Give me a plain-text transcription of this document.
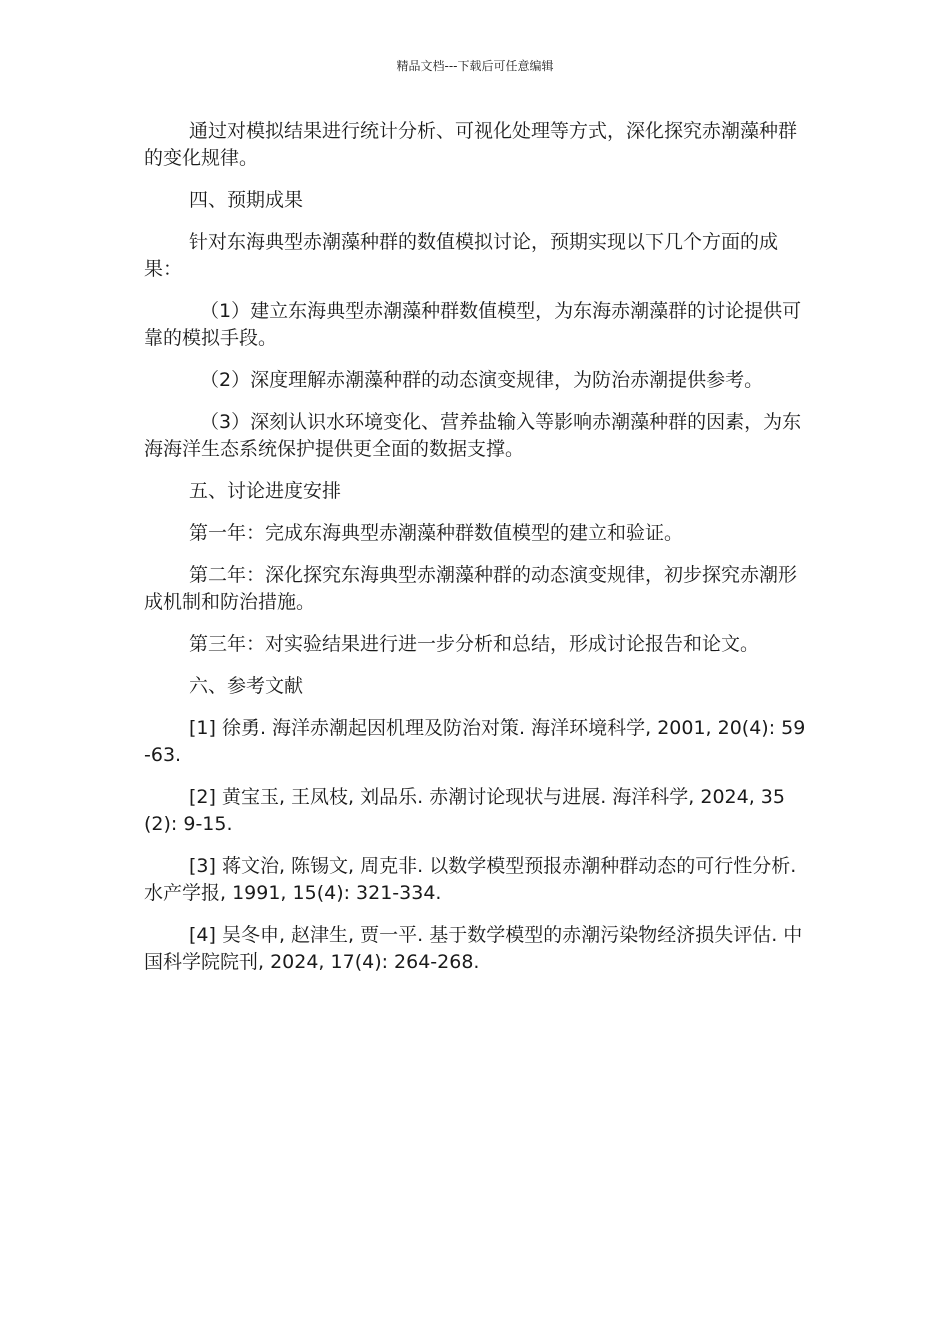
精品文档---下载后可任意编辑

通过对模拟结果进行统计分析、可视化处理等方式，深化探究赤潮藻种群的变化规律。

四、预期成果

针对东海典型赤潮藻种群的数值模拟讨论，预期实现以下几个方面的成果：

（1）建立东海典型赤潮藻种群数值模型，为东海赤潮藻群的讨论提供可靠的模拟手段。

（2）深度理解赤潮藻种群的动态演变规律，为防治赤潮提供参考。

（3）深刻认识水环境变化、营养盐输入等影响赤潮藻种群的因素，为东海海洋生态系统保护提供更全面的数据支撑。

五、讨论进度安排

第一年：完成东海典型赤潮藻种群数值模型的建立和验证。

第二年：深化探究东海典型赤潮藻种群的动态演变规律，初步探究赤潮形成机制和防治措施。

第三年：对实验结果进行进一步分析和总结，形成讨论报告和论文。

六、参考文献

[1] 徐勇. 海洋赤潮起因机理及防治对策. 海洋环境科学, 2001, 20(4): 59-63.

[2] 黄宝玉, 王凤枝, 刘品乐. 赤潮讨论现状与进展. 海洋科学, 2024, 35(2): 9-15.

[3] 蒋文治, 陈锡文, 周克非. 以数学模型预报赤潮种群动态的可行性分析. 水产学报, 1991, 15(4): 321-334.

[4] 吴冬申, 赵津生, 贾一平. 基于数学模型的赤潮污染物经济损失评估. 中国科学院院刊, 2024, 17(4): 264-268.
